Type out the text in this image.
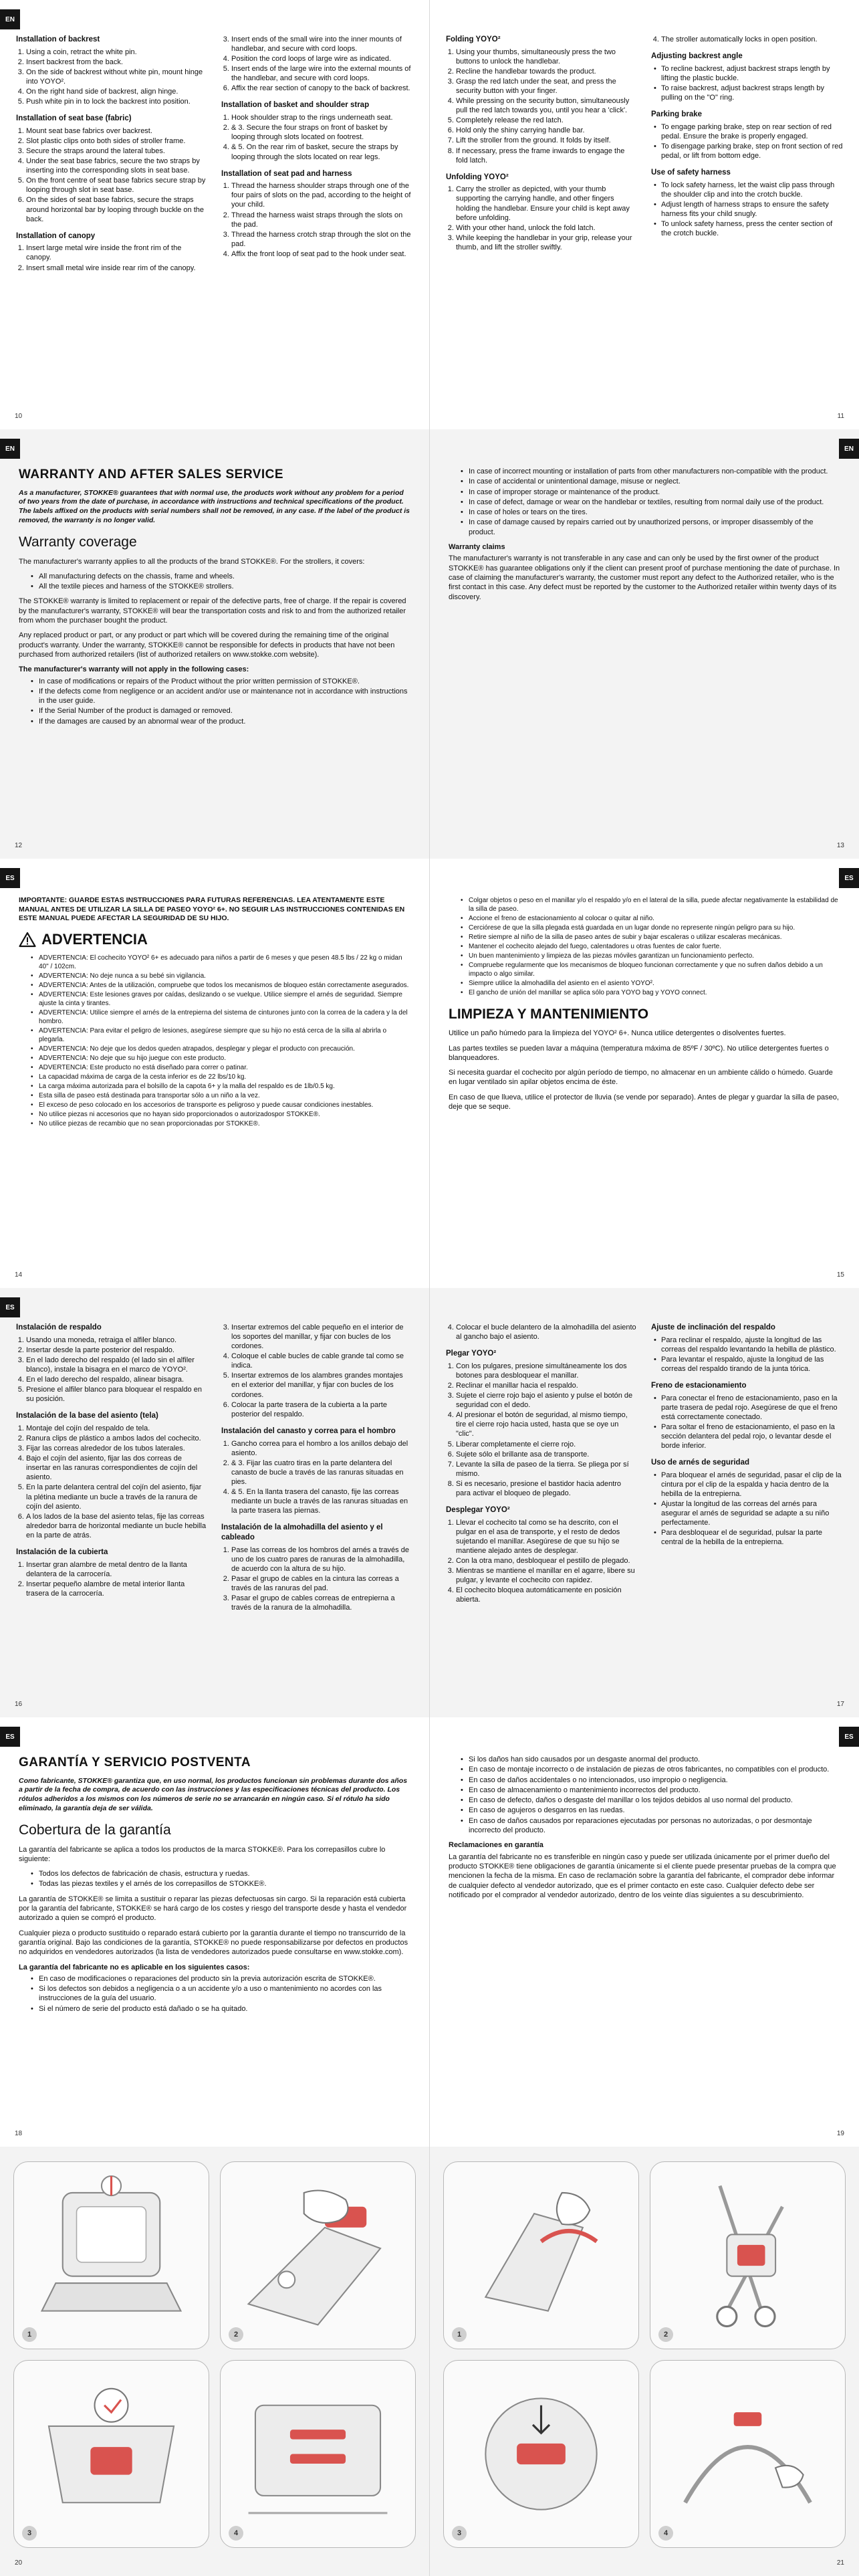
EN
Installation of backrest
1. Using a coin, retract the white pin.
2. Insert backrest from the back.
3. On the side of backrest without white pin, mount hinge into YOYO².
4. On the right hand side of backrest, align hinge.
5. Push white pin in to lock the backrest into position.
Installation of seat base (fabric)
1. Mount seat base fabrics over backrest.
2. Slot plastic clips onto both sides of stroller frame.
3. Secure the straps around the lateral tubes.
4. Under the seat base fabrics, secure the two straps by inserting into the corresponding slots in seat base.
5. On the front centre of seat base fabrics secure strap by looping through slot in seat base.
6. On the sides of seat base fabrics, secure the straps around horizontal bar by looping through buckle on the back.
Installation of canopy
1. Insert large metal wire inside the front rim of the canopy.
2. Insert small metal wire inside rear rim of the canopy.
3. Insert ends of the small wire into the inner mounts of handlebar, and secure with cord loops.
4. Position the cord loops of large wire as indicated.
5. Insert ends of the large wire into the external mounts of the handlebar, and secure with cord loops.
6. Affix the rear section of canopy to the back of backrest.
Installation of basket and shoulder strap
1. Hook shoulder strap to the rings underneath seat.
2. & 3. Secure the four straps on front of basket by looping through slots located on footrest.
4. & 5. On the rear rim of basket, secure the straps by looping through the slots located on rear legs.
Installation of seat pad and harness
1. Thread the harness shoulder straps through one of the four pairs of slots on the pad, according to the height of your child.
2. Thread the harness waist straps through the slots on the pad.
3. Thread the harness crotch strap through the slot on the pad.
4. Affix the front loop of seat pad to the hook under seat.
10
Folding YOYO²
1. Using your thumbs, simultaneously press the two buttons to unlock the handlebar.
2. Recline the handlebar towards the product.
3. Grasp the red latch under the seat, and press the security button with your finger.
4. While pressing on the security button, simultaneously pull the red latch towards you, until you hear a 'click'.
5. Completely release the red latch.
6. Hold only the shiny carrying handle bar.
7. Lift the stroller from the ground. It folds by itself.
8. If necessary, press the frame inwards to engage the fold latch.
Unfolding YOYO²
1. Carry the stroller as depicted, with your thumb supporting the carrying handle, and other fingers holding the handlebar. Ensure your child is kept away before unfolding.
2. With your other hand, unlock the fold latch.
3. While keeping the handlebar in your grip, release your thumb, and lift the stroller swiftly.
4. The stroller automatically locks in open position.
Adjusting backrest angle
• To recline backrest, adjust backrest straps length by lifting the plastic buckle.
• To raise backrest, adjust backrest straps length by pulling on the "O" ring.
Parking brake
• To engage parking brake, step on rear section of red pedal. Ensure the brake is properly engaged.
• To disengage parking brake, step on front section of red pedal, or lift from bottom edge.
Use of safety harness
• To lock safety harness, let the waist clip pass through the shoulder clip and into the crotch buckle.
• Adjust length of harness straps to ensure the safety harness fits your child snugly.
• To unlock safety harness, press the center section of the crotch buckle.
11
EN
WARRANTY AND AFTER SALES SERVICE

As a manufacturer, STOKKE® guarantees that with normal use, the products work without any problem for a period of two years from the date of purchase, in accordance with instructions and technical specifications of the product. The labels affixed on the products with serial numbers shall not be removed, in any case. If the label of the product is removed, the warranty is no longer valid.

Warranty coverage

The manufacturer's warranty applies to all the products of the brand STOKKE®. For the strollers, it covers:

• All manufacturing defects on the chassis, frame and wheels.
• All the textile pieces and harness of the STOKKE® strollers.

The STOKKE® warranty is limited to replacement or repair of the defective parts, free of charge. If the repair is covered by the manufacturer's warranty, STOKKE® will bear the transportation costs and risk to and from the authorized retailer from whom the purchaser bought the product.

Any replaced product or part, or any product or part which will be covered during the remaining time of the original product's warranty. Under the warranty, STOKKE® cannot be responsible for defects in products that have not been purchased from authorized retailers (list of authorized retailers on www.stokke.com website).

The manufacturer's warranty will not apply in the following cases:
• In case of modifications or repairs of the Product without the prior written permission of STOKKE®.
• If the defects come from negligence or an accident and/or use or maintenance not in accordance with instructions in the user guide.
• If the Serial Number of the product is damaged or removed.
• If the damages are caused by an abnormal wear of the product.
12
EN
• In case of incorrect mounting or installation of parts from other manufacturers non-compatible with the product.
• In case of accidental or unintentional damage, misuse or neglect.
• In case of improper storage or maintenance of the product.
• In case of defect, damage or wear on the handlebar or textiles, resulting from normal daily use of the product.
• In case of holes or tears on the tires.
• In case of damage caused by repairs carried out by unauthorized persons, or improper disassembly of the product.
Warranty claims

The manufacturer's warranty is not transferable in any case and can only be used by the first owner of the product STOKKE® has guarantee obligations only if the client can present proof of purchase mentioning the date of purchase. In case of claiming the manufacturer's warranty, the customer must report any defect to the Authorized retailer, who is the first contact in this case. Any defect must be reported by the customer to the Authorized retailer within twenty days of its discovery.

13
ES

IMPORTANTE: GUARDE ESTAS INSTRUCCIONES PARA FUTURAS REFERENCIAS. LEA ATENTAMENTE ESTE MANUAL ANTES DE UTILIZAR LA SILLA DE PASEO YOYO² 6+. NO SEGUIR LAS INSTRUCCIONES CONTENIDAS EN ESTE MANUAL PUEDE AFECTAR LA SEGURIDAD DE SU HIJO.

ADVERTENCIA
• ADVERTENCIA: El cochecito YOYO² 6+ es adecuado para niños a partir de 6 meses y que pesen 48.5 lbs / 22 kg o midan 40" / 102cm.
• ADVERTENCIA: No deje nunca a su bebé sin vigilancia.
• ADVERTENCIA: Antes de la utilización, compruebe que todos los mecanismos de bloqueo están correctamente asegurados.
• ADVERTENCIA: Este lesiones graves por caídas, deslizando o se vuelque. Utilice siempre el arnés de seguridad. Siempre ajuste la cinta y tirantes.
• ADVERTENCIA: Utilice siempre el arnés de la entrepierna del sistema de cinturones junto con la correa de la cadera y la del hombro.
• ADVERTENCIA: Para evitar el peligro de lesiones, asegúrese siempre que su hijo no está cerca de la silla al abrirla o plegarla.
• ADVERTENCIA: No deje que los dedos queden atrapados, desplegar y plegar el producto con precaución.
• ADVERTENCIA: No deje que su hijo juegue con este producto.
• ADVERTENCIA: Este producto no está diseñado para correr o patinar.
• La capacidad máxima de carga de la cesta inferior es de 22 lbs/10 kg.
• La carga máxima autorizada para el bolsillo de la capota 6+ y la malla del respaldo es de 1lb/0.5 kg.
• Esta silla de paseo está destinada para transportar sólo a un niño a la vez.
• El exceso de peso colocado en los accesorios de transporte es peligroso y puede causar condiciones inestables.
• No utilice piezas ni accesorios que no hayan sido proporcionados o autorizadospor STOKKE®.
• No utilice piezas de recambio que no sean proporcionadas por STOKKE®.
14
ES
• Colgar objetos o peso en el manillar y/o el respaldo y/o en el lateral de la silla, puede afectar negativamente la estabilidad de la silla de paseo.
• Accione el freno de estacionamiento al colocar o quitar al niño.
• Cerciórese de que la silla plegada está guardada en un lugar donde no represente ningún peligro para su hijo.
• Retire siempre al niño de la silla de paseo antes de subir y bajar escaleras o utilizar escaleras mecánicas.
• Mantener el cochecito alejado del fuego, calentadores u otras fuentes de calor fuerte.
• Un buen mantenimiento y limpieza de las piezas móviles garantizan un funcionamiento perfecto.
• Compruebe regularmente que los mecanismos de bloqueo funcionan correctamente y que no sufren daños debido a un impacto o algo similar.
• Siempre utilice la almohadilla del asiento en el asiento YOYO².
• El gancho de unión del manillar se aplica sólo para YOYO bag y YOYO connect.
LIMPIEZA Y MANTENIMIENTO

Utilice un paño húmedo para la limpieza del YOYO² 6+. Nunca utilice detergentes o disolventes fuertes.

Las partes textiles se pueden lavar a máquina (temperatura máxima de 85ºF / 30ºC). No utilice detergentes fuertes o blanqueadores.

Si necesita guardar el cochecito por algún período de tiempo, no almacenar en un ambiente cálido o húmedo. Guarde en lugar ventilado sin apilar objetos encima de éste.

En caso de que llueva, utilice el protector de lluvia (se vende por separado). Antes de plegar y guardar la silla de paseo, deje que se seque.

15
ES
Instalación de respaldo
1. Usando una moneda, retraiga el alfiler blanco.
2. Insertar desde la parte posterior del respaldo.
3. En el lado derecho del respaldo (el lado sin el alfiler blanco), instale la bisagra en el marco de YOYO².
4. En el lado derecho del respaldo, alinear bisagra.
5. Presione el alfiler blanco para bloquear el respaldo en su posición.
Instalación de la base del asiento (tela)
1. Montaje del cojín del respaldo de tela.
2. Ranura clips de plástico a ambos lados del cochecito.
3. Fijar las correas alrededor de los tubos laterales.
4. Bajo el cojín del asiento, fijar las dos correas de insertar en las ranuras correspondientes de cojín del asiento.
5. En la parte delantera central del cojín del asiento, fijar la plétina mediante un bucle a través de la ranura de cojín del asiento.
6. A los lados de la base del asiento telas, fije las correas alrededor barra de horizontal mediante un bucle hebilla en la parte de atrás.
Instalación de la cubierta
1. Insertar gran alambre de metal dentro de la llanta delantera de la carrocería.
2. Insertar pequeño alambre de metal interior llanta trasera de la carrocería.
3. Insertar extremos del cable pequeño en el interior de los soportes del manillar, y fijar con bucles de los cordones.
4. Coloque el cable bucles de cable grande tal como se indica.
5. Insertar extremos de los alambres grandes montajes en el exterior del manillar, y fijar con bucles de los cordones.
6. Colocar la parte trasera de la cubierta a la parte posterior del respaldo.
Instalación del canasto y correa para el hombro
1. Gancho correa para el hombro a los anillos debajo del asiento.
2. & 3. Fijar las cuatro tiras en la parte delantera del canasto de bucle a través de las ranuras situadas en pies.
4. & 5. En la llanta trasera del canasto, fije las correas mediante un bucle a través de las ranuras situadas en la parte trasera las piernas.
Instalación de la almohadilla del asiento y el cableado
1. Pase las correas de los hombros del arnés a través de uno de los cuatro pares de ranuras de la almohadilla, de acuerdo con la altura de su hijo.
2. Pasar el grupo de cables en la cintura las correas a través de las ranuras del pad.
3. Pasar el grupo de cables correas de entrepierna a través de la ranura de la almohadilla.
16
4. Colocar el bucle delantero de la almohadilla del asiento al gancho bajo el asiento.
Plegar YOYO²
1. Con los pulgares, presione simultáneamente los dos botones para desbloquear el manillar.
2. Reclinar el manillar hacia el respaldo.
3. Sujete el cierre rojo bajo el asiento y pulse el botón de seguridad con el dedo.
4. Al presionar el botón de seguridad, al mismo tiempo, tire el cierre rojo hacia usted, hasta que se oye un "clic".
5. Liberar completamente el cierre rojo.
6. Sujete sólo el brillante asa de transporte.
7. Levante la silla de paseo de la tierra. Se pliega por sí mismo.
8. Si es necesario, presione el bastidor hacia adentro para activar el bloqueo de plegado.
Desplegar YOYO²
1. Llevar el cochecito tal como se ha descrito, con el pulgar en el asa de transporte, y el resto de dedos sujetando el manillar. Asegúrese de que su hijo se mantiene alejado antes de desplegar.
2. Con la otra mano, desbloquear el pestillo de plegado.
3. Mientras se mantiene el manillar en el agarre, libere su pulgar, y levante el cochecito con rapidez.
4. El cochecito bloquea automáticamente en posición abierta.
Ajuste de inclinación del respaldo
• Para reclinar el respaldo, ajuste la longitud de las correas del respaldo levantando la hebilla de plástico.
• Para levantar el respaldo, ajuste la longitud de las correas del respaldo tirando de la junta tórica.
Freno de estacionamiento
• Para conectar el freno de estacionamiento, paso en la parte trasera de pedal rojo. Asegúrese de que el freno está correctamente conectado.
• Para soltar el freno de estacionamiento, el paso en la sección delantera del pedal rojo, o levantar desde el borde inferior.
Uso de arnés de seguridad
• Para bloquear el arnés de seguridad, pasar el clip de la cintura por el clip de la espalda y hacia dentro de la hebilla de la entrepierna.
• Ajustar la longitud de las correas del arnés para asegurar el arnés de seguridad se adapte a su niño perfectamente.
• Para desbloquear el de seguridad, pulsar la parte central de la hebilla de la entrepierna.
17
ES
GARANTÍA Y SERVICIO POSTVENTA

Como fabricante, STOKKE® garantiza que, en uso normal, los productos funcionan sin problemas durante dos años a partir de la fecha de compra, de acuerdo con las instrucciones y las especificaciones técnicas del producto. Los rótulos adheridos a los mismos con los números de serie no se arrancarán en ningún caso. Si el rótulo ha sido eliminado, la garantía deja de ser válida.

Cobertura de la garantía

La garantía del fabricante se aplica a todos los productos de la marca STOKKE®. Para los correpasillos cubre lo siguiente:

• Todos los defectos de fabricación de chasis, estructura y ruedas.
• Todas las piezas textiles y el arnés de los correpasillos de STOKKE®.

La garantía de STOKKE® se limita a sustituir o reparar las piezas defectuosas sin cargo. Si la reparación está cubierta por la garantía del fabricante, STOKKE® se hará cargo de los costes y riesgo del transporte desde y hasta el vendedor autorizado a quien se compró el producto.

Cualquier pieza o producto sustituido o reparado estará cubierto por la garantía durante el tiempo no transcurrido de la garantía original. Bajo las condiciones de la garantía, STOKKE® no puede responsabilizarse por defectos en productos no adquiridos en vendedores autorizados (la lista de vendedores autorizados puede consultarse en www.stokke.com).

La garantía del fabricante no es aplicable en los siguientes casos:
• En caso de modificaciones o reparaciones del producto sin la previa autorización escrita de STOKKE®.
• Si los defectos son debidos a negligencia o a un accidente y/o a uso o mantenimiento no acordes con las instrucciones de la guía del usuario.
• Si el número de serie del producto está dañado o se ha quitado.
18
ES
• Si los daños han sido causados por un desgaste anormal del producto.
• En caso de montaje incorrecto o de instalación de piezas de otros fabricantes, no compatibles con el producto.
• En caso de daños accidentales o no intencionados, uso impropio o negligencia.
• En caso de almacenamiento o mantenimiento incorrectos del producto.
• En caso de defecto, daños o desgaste del manillar o los tejidos debidos al uso normal del producto.
• En caso de agujeros o desgarros en las ruedas.
• En caso de daños causados por reparaciones ejecutadas por personas no autorizadas, o por desmontaje incorrecto del producto.
Reclamaciones en garantía

La garantía del fabricante no es transferible en ningún caso y puede ser utilizada únicamente por el primer dueño del producto STOKKE® tiene obligaciones de garantía únicamente si el cliente puede presentar pruebas de la compra que mencionen la fecha de la misma. En caso de reclamación sobre la garantía del fabricante, el comprador debe informar de cualquier defecto al vendedor autorizado, que es el primer contacto en este caso. Cualquier defecto debe ser notificado por el comprador al vendedor autorizado, dentro de los veinte días siguientes a su descubrimiento.

19
1	2
3	4
20
1	2
3	4
21
